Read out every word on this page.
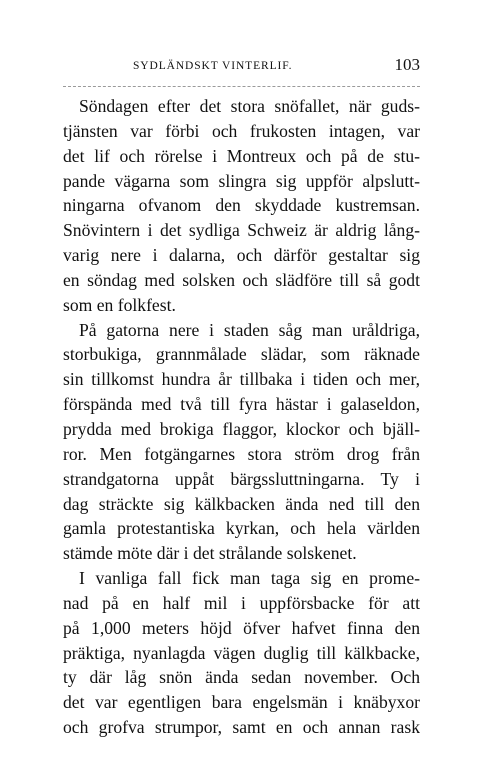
SYDLÄNDSKT VINTERLIF.	103
Söndagen efter det stora snöfallet, när guds-
tjänsten var förbi och frukosten intagen, var
det lif och rörelse i Montreux och på de stu-
pande vägarna som slingra sig uppför alpslutt-
ningarna ofvanom den skyddade kustremsan.
Snövintern i det sydliga Schweiz är aldrig lång-
varig nere i dalarna, och därför gestaltar sig
en söndag med solsken och slädföre till så godt
som en folkfest.
På gatorna nere i staden såg man uråldriga,
storbukiga, grannmålade slädar, som räknade
sin tillkomst hundra år tillbaka i tiden och mer,
förspända med två till fyra hästar i galaseldon,
prydda med brokiga flaggor, klockor och bjäll-
ror. Men fotgängarnes stora ström drog från
strandgatorna uppåt bärgssluttningarna. Ty i
dag sträckte sig kälkbacken ända ned till den
gamla protestantiska kyrkan, och hela världen
stämde möte där i det strålande solskenet.
I vanliga fall fick man taga sig en prome-
nad på en half mil i uppförsbacke för att
på 1,000 meters höjd öfver hafvet finna den
präktiga, nyanlagda vägen duglig till kälkbacke,
ty där låg snön ända sedan november. Och
det var egentligen bara engelsmän i knäbyxor
och grofva strumpor, samt en och annan rask
